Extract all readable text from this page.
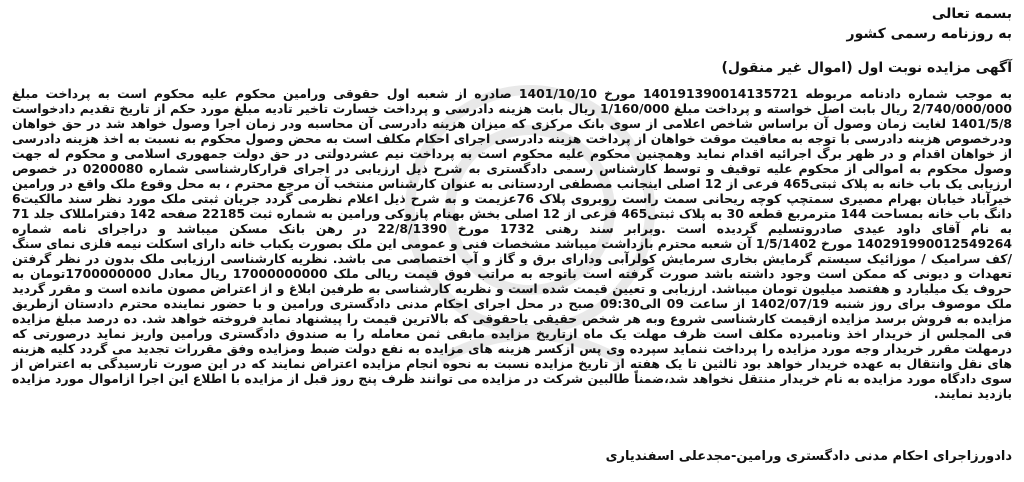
بسمه تعالی
به روزنامه رسمی کشور
آگهی مزایده نوبت اول (اموال غیر منقول)
به موجب شماره دادنامه مربوطه 140191390014135721 مورخ 1401/10/10 صادره از شعبه اول حقوقی ورامین محکوم علیه محکوم است به پرداخت مبلغ 2/740/000/000 ریال بابت اصل خواسته و پرداخت مبلغ 1/160/000 ریال بابت هزینه دادرسی و پرداخت خسارت تاخیر تادیه مبلغ مورد حکم از تاریخ تقدیم دادخواست 1401/5/8 لغایت زمان وصول آن براساس شاخص اعلامی از سوی بانک مرکزی که میزان هزینه دادرسی آن محاسبه ودر زمان اجرا وصول خواهد شد در حق خواهان ودرخصوص هزینه دادرسی با توجه به معافیت موقت خواهان از پرداخت هزینه دادرسی اجرای احکام مکلف است به محض وصول محکوم به نسبت به اخذ هزینه دادرسی از خواهان اقدام و در ظهر برگ اجرائیه اقدام نماید وهمچنین محکوم علیه محکوم است به پرداخت نیم عشردولتی در حق دولت جمهوری اسلامی و محکوم له جهت وصول محکوم به اموالی از محکوم علیه توقیف و توسط کارشناس رسمی دادگستری به شرح ذیل ارزیابی در اجرای قرارکارشناسی شماره 0200080 در خصوص ارزیابی یک باب خانه به پلاک ثبتی465 فرعی از 12 اصلی اینجانب مصطفی اردستانی به عنوان کارشناس منتخب آن مرجع محترم ، به محل وقوع ملک واقع در ورامین خیرآباد خیابان بهرام مصیری سمتچپ کوچه ریحانی سمت راست روبروی پلاک 76عزیمت و به شرح ذیل اعلام نظرمی گردد جریان ثبتی ملک مورد نظر سند مالکیت6 دانگ باب خانه بمساحت 144 مترمربع قطعه 30 به پلاک ثبتی465 فرعی از 12 اصلی بخش بهنام پازوکی ورامین به شماره ثبت 22185 صفحه 142 دفترامللاک جلد 71 به نام آقای داود عیدی صادروتسلیم گردیده است .وبرابر سند رهنی 1732 مورخ 22/8/1390 در رهن بانک مسکن میباشد و دراجرای نامه شماره 140291990012549264 مورخ 1/5/1402 آن شعبه محترم بازداشت میباشد مشخصات فنی و عمومی این ملک بصورت یکباب خانه دارای اسکلت نیمه فلزی نمای سنگ /کف سرامیک / موزائیک سیستم گرمایش بخاری سرمایش کولرآبی ودارای برق و گاز و آب اختصاصی می باشد. نظریه کارشناسی ارزیابی ملک بدون در نظر گرفتن تعهدات و دیونی که ممکن است وجود داشته باشد صورت گرفته است باتوجه به مراتب فوق قیمت ریالی ملک 17000000000 ریال معادل 1700000000تومان به حروف یک میلیارد و هفتصد میلیون تومان میباشد. ارزیابی و تعیین قیمت شده است و نظریه کارشناسی به طرفین ابلاغ و از اعتراض مصون مانده است و مقرر گردید ملک موصوف برای روز شنبه 1402/07/19 از ساعت 09 الی09:30 صبح در محل اجرای احکام مدنی دادگستری ورامین و با حضور نماینده محترم دادستان ازطریق مزایده به فروش برسد مزایده ازقیمت کارشناسی شروع وبه هر شخص حقیقی یاحقوقی که بالاترین قیمت را پیشنهاد نماید فروخته خواهد شد. ده درصد مبلغ مزایده فی المجلس از خریدار اخذ ونامبرده مکلف است ظرف مهلت یک ماه ازتاریخ مزایده مابقی ثمن معامله را به صندوق دادگستری ورامین واریز نماید درصورتی که درمهلت مقرر خریدار وجه مورد مزایده را پرداخت ننماید سپرده وی پس ازکسر هزینه های مزایده به نفع دولت ضبط ومزایده وفق مقررات تجدید می گردد کلیه هزینه های نقل وانتقال به عهده خریدار خواهد بود ثالثین تا یک هفته از تاریخ مزایده نسبت به نحوه انجام مزایده اعتراض نمایند که در این صورت تارسیدگی به اعتراض از سوی دادگاه مورد مزایده به نام خریدار منتقل نخواهد شد،ضمناً طالبین شرکت در مزایده می توانند ظرف پنج روز قبل از مزایده با اطلاع این اجرا ازاموال مورد مزایده بازدید نمایند.
دادورزاجرای احکام مدنی دادگستری ورامین-مجدعلی اسفندیاری
